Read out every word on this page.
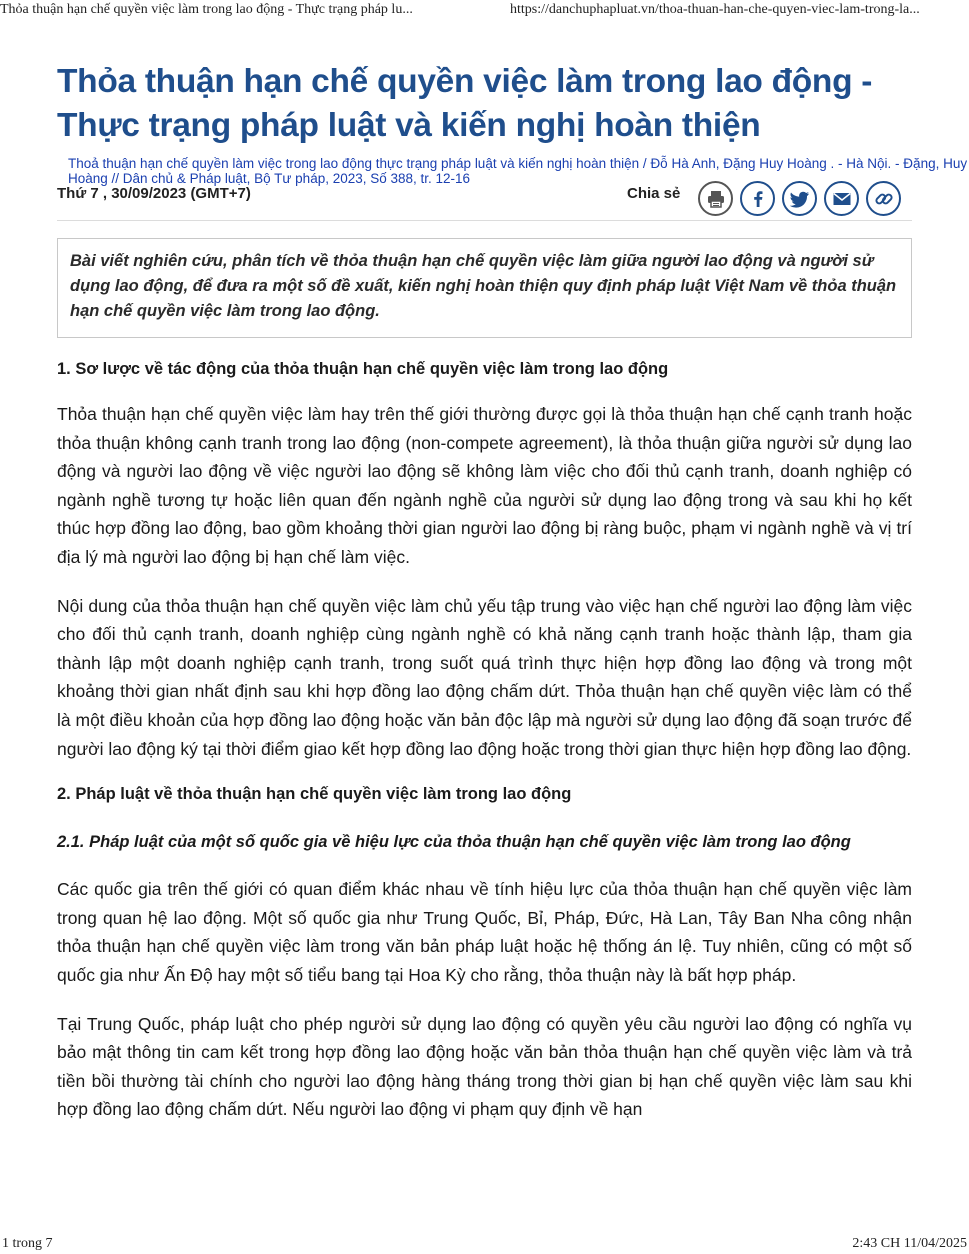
Thỏa thuận hạn chế quyền việc làm trong lao động - Thực trạng pháp lu...	https://danchuphapluat.vn/thoa-thuan-han-che-quyen-viec-lam-trong-la...
Thỏa thuận hạn chế quyền việc làm trong lao động - Thực trạng pháp luật và kiến nghị hoàn thiện
Thoả thuận hạn chế quyền làm việc trong lao động thực trạng pháp luật và kiến nghị hoàn thiện / Đỗ Hà Anh, Đặng Huy Hoàng . - Hà Nội. - Đặng, Huy Hoàng // Dân chủ & Pháp luật, Bộ Tư pháp, 2023, Số 388, tr. 12-16
Thứ 7 , 30/09/2023 (GMT+7)	Chia sẻ
Bài viết nghiên cứu, phân tích về thỏa thuận hạn chế quyền việc làm giữa người lao động và người sử dụng lao động, để đưa ra một số đề xuất, kiến nghị hoàn thiện quy định pháp luật Việt Nam về thỏa thuận hạn chế quyền việc làm trong lao động.
1. Sơ lược về tác động của thỏa thuận hạn chế quyền việc làm trong lao động

Thỏa thuận hạn chế quyền việc làm hay trên thế giới thường được gọi là thỏa thuận hạn chế cạnh tranh hoặc thỏa thuận không cạnh tranh trong lao động (non-compete agreement), là thỏa thuận giữa người sử dụng lao động và người lao động về việc người lao động sẽ không làm việc cho đối thủ cạnh tranh, doanh nghiệp có ngành nghề tương tự hoặc liên quan đến ngành nghề của người sử dụng lao động trong và sau khi họ kết thúc hợp đồng lao động, bao gồm khoảng thời gian người lao động bị ràng buộc, phạm vi ngành nghề và vị trí địa lý mà người lao động bị hạn chế làm việc.

Nội dung của thỏa thuận hạn chế quyền việc làm chủ yếu tập trung vào việc hạn chế người lao động làm việc cho đối thủ cạnh tranh, doanh nghiệp cùng ngành nghề có khả năng cạnh tranh hoặc thành lập, tham gia thành lập một doanh nghiệp cạnh tranh, trong suốt quá trình thực hiện hợp đồng lao động và trong một khoảng thời gian nhất định sau khi hợp đồng lao động chấm dứt. Thỏa thuận hạn chế quyền việc làm có thể là một điều khoản của hợp đồng lao động hoặc văn bản độc lập mà người sử dụng lao động đã soạn trước để người lao động ký tại thời điểm giao kết hợp đồng lao động hoặc trong thời gian thực hiện hợp đồng lao động.

2. Pháp luật về thỏa thuận hạn chế quyền việc làm trong lao động
2.1. Pháp luật của một số quốc gia về hiệu lực của thỏa thuận hạn chế quyền việc làm trong lao động

Các quốc gia trên thế giới có quan điểm khác nhau về tính hiệu lực của thỏa thuận hạn chế quyền việc làm trong quan hệ lao động. Một số quốc gia như Trung Quốc, Bỉ, Pháp, Đức, Hà Lan, Tây Ban Nha công nhận thỏa thuận hạn chế quyền việc làm trong văn bản pháp luật hoặc hệ thống án lệ. Tuy nhiên, cũng có một số quốc gia như Ấn Độ hay một số tiểu bang tại Hoa Kỳ cho rằng, thỏa thuận này là bất hợp pháp.

Tại Trung Quốc, pháp luật cho phép người sử dụng lao động có quyền yêu cầu người lao động có nghĩa vụ bảo mật thông tin cam kết trong hợp đồng lao động hoặc văn bản thỏa thuận hạn chế quyền việc làm và trả tiền bồi thường tài chính cho người lao động hàng tháng trong thời gian bị hạn chế quyền việc làm sau khi hợp đồng lao động chấm dứt. Nếu người lao động vi phạm quy định về hạn

1 trong 7	2:43 CH 11/04/2025
